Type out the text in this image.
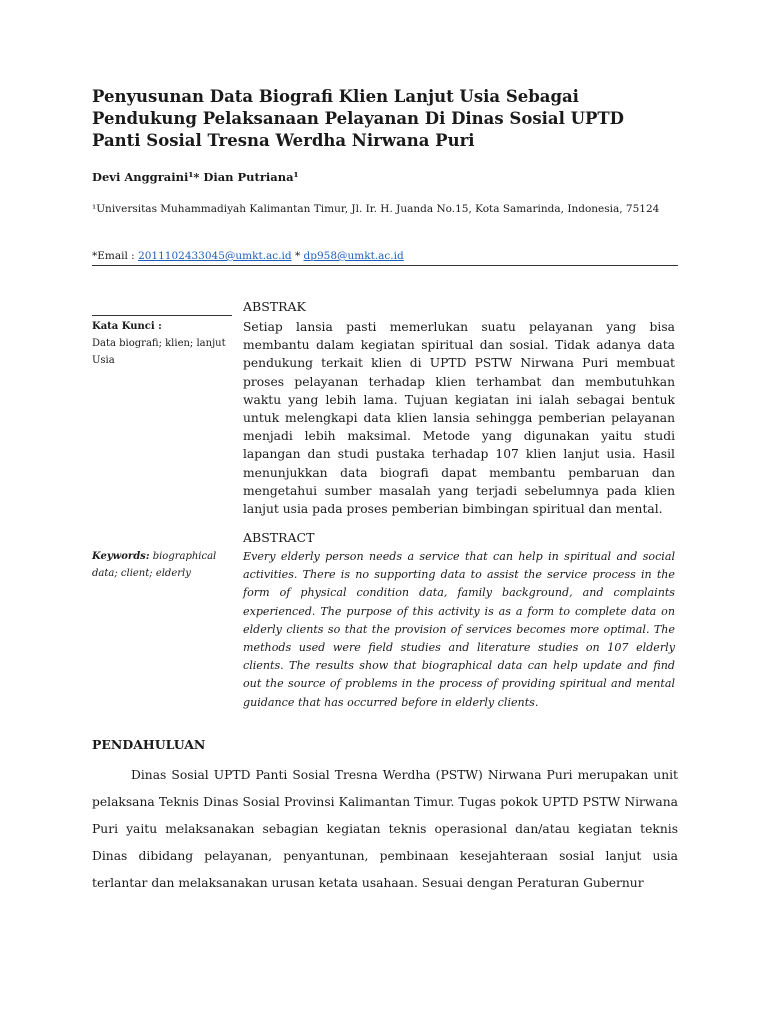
Penyusunan Data Biografi Klien Lanjut Usia Sebagai Pendukung Pelaksanaan Pelayanan Di Dinas Sosial UPTD Panti Sosial Tresna Werdha Nirwana Puri
Devi Anggraini¹* Dian Putriana¹
¹Universitas Muhammadiyah Kalimantan Timur, Jl. Ir. H. Juanda No.15, Kota Samarinda, Indonesia, 75124
*Email : 2011102433045@umkt.ac.id * dp958@umkt.ac.id
ABSTRAK
Kata Kunci :
Data biografi; klien; lanjut Usia

Setiap lansia pasti memerlukan suatu pelayanan yang bisa membantu dalam kegiatan spiritual dan sosial. Tidak adanya data pendukung terkait klien di UPTD PSTW Nirwana Puri membuat proses pelayanan terhadap klien terhambat dan membutuhkan waktu yang lebih lama. Tujuan kegiatan ini ialah sebagai bentuk untuk melengkapi data klien lansia sehingga pemberian pelayanan menjadi lebih maksimal. Metode yang digunakan yaitu studi lapangan dan studi pustaka terhadap 107 klien lanjut usia. Hasil menunjukkan data biografi dapat membantu pembaruan dan mengetahui sumber masalah yang terjadi sebelumnya pada klien lanjut usia pada proses pemberian bimbingan spiritual dan mental.

ABSTRACT
Keywords: biographical data; client; elderly

Every elderly person needs a service that can help in spiritual and social activities. There is no supporting data to assist the service process in the form of physical condition data, family background, and complaints experienced. The purpose of this activity is as a form to complete data on elderly clients so that the provision of services becomes more optimal. The methods used were field studies and literature studies on 107 elderly clients. The results show that biographical data can help update and find out the source of problems in the process of providing spiritual and mental guidance that has occurred before in elderly clients.

PENDAHULUAN

Dinas Sosial UPTD Panti Sosial Tresna Werdha (PSTW) Nirwana Puri merupakan unit pelaksana Teknis Dinas Sosial Provinsi Kalimantan Timur. Tugas pokok UPTD PSTW Nirwana Puri yaitu melaksanakan sebagian kegiatan teknis operasional dan/atau kegiatan teknis Dinas dibidang pelayanan, penyantunan, pembinaan kesejahteraan sosial lanjut usia terlantar dan melaksanakan urusan ketata usahaan. Sesuai dengan Peraturan Gubernur
